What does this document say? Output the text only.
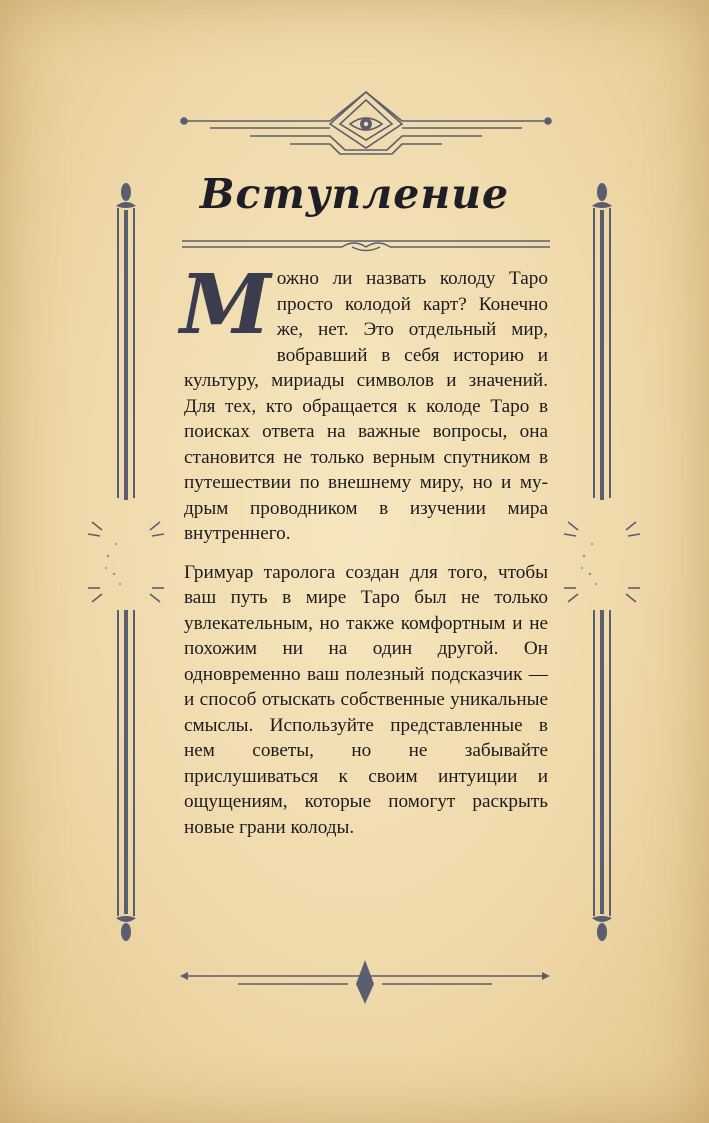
Вступление

Можно ли назвать колоду Таро просто колодой карт? Конечно же, нет. Это отдельный мир, вобравший в себя историю и культуру, мириады символов и значений. Для тех, кто обращается к колоде Таро в поисках ответа на важные вопросы, она становится не только верным спутником в путешествии по внешнему миру, но и мудрым проводником в изучении мира внутреннего.

Гримуар таролога создан для того, чтобы ваш путь в мире Таро был не только увлекательным, но также комфортным и не похожим ни на один другой. Он одновременно ваш полезный подсказчик — и способ отыскать собственные уникальные смыслы. Используйте представленные в нем советы, но не забывайте прислушиваться к своим интуиции и ощущениям, которые помогут раскрыть новые грани колоды.
